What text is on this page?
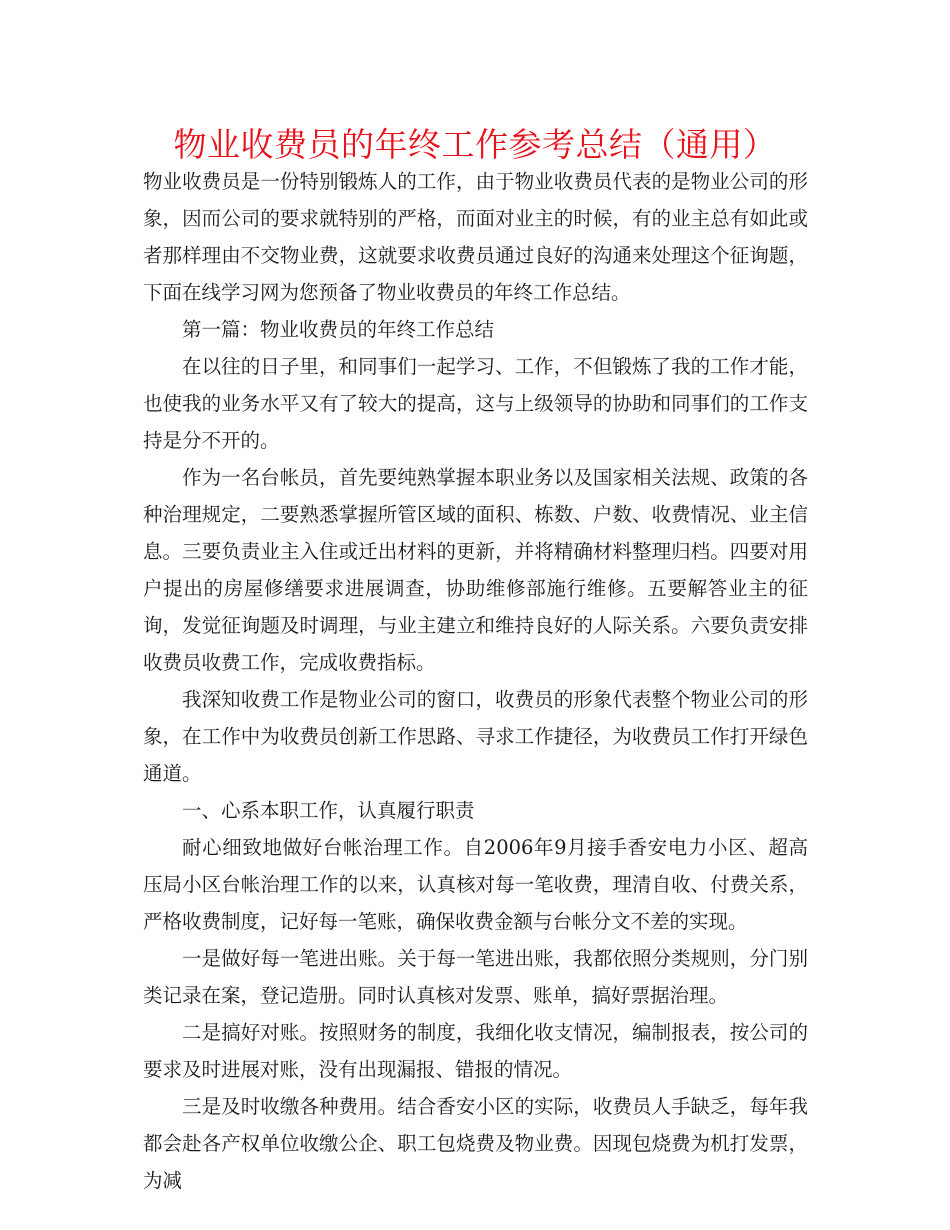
物业收费员的年终工作参考总结（通用）

物业收费员是一份特别锻炼人的工作，由于物业收费员代表的是物业公司的形象，因而公司的要求就特别的严格，而面对业主的时候，有的业主总有如此或者那样理由不交物业费，这就要求收费员通过良好的沟通来处理这个征询题，下面在线学习网为您预备了物业收费员的年终工作总结。

第一篇：物业收费员的年终工作总结

在以往的日子里，和同事们一起学习、工作，不但锻炼了我的工作才能，也使我的业务水平又有了较大的提高，这与上级领导的协助和同事们的工作支持是分不开的。

作为一名台帐员，首先要纯熟掌握本职业务以及国家相关法规、政策的各种治理规定，二要熟悉掌握所管区域的面积、栋数、户数、收费情况、业主信息。三要负责业主入住或迁出材料的更新，并将精确材料整理归档。四要对用户提出的房屋修缮要求进展调查，协助维修部施行维修。五要解答业主的征询，发觉征询题及时调理，与业主建立和维持良好的人际关系。六要负责安排收费员收费工作，完成收费指标。

我深知收费工作是物业公司的窗口，收费员的形象代表整个物业公司的形象，在工作中为收费员创新工作思路、寻求工作捷径，为收费员工作打开绿色通道。

一、心系本职工作，认真履行职责

耐心细致地做好台帐治理工作。自2006年9月接手香安电力小区、超高压局小区台帐治理工作的以来，认真核对每一笔收费，理清自收、付费关系，严格收费制度，记好每一笔账，确保收费金额与台帐分文不差的实现。

一是做好每一笔进出账。关于每一笔进出账，我都依照分类规则，分门别类记录在案，登记造册。同时认真核对发票、账单，搞好票据治理。

二是搞好对账。按照财务的制度，我细化收支情况，编制报表，按公司的要求及时进展对账，没有出现漏报、错报的情况。

三是及时收缴各种费用。结合香安小区的实际，收费员人手缺乏，每年我都会赴各产权单位收缴公企、职工包烧费及物业费。因现包烧费为机打发票，为减
